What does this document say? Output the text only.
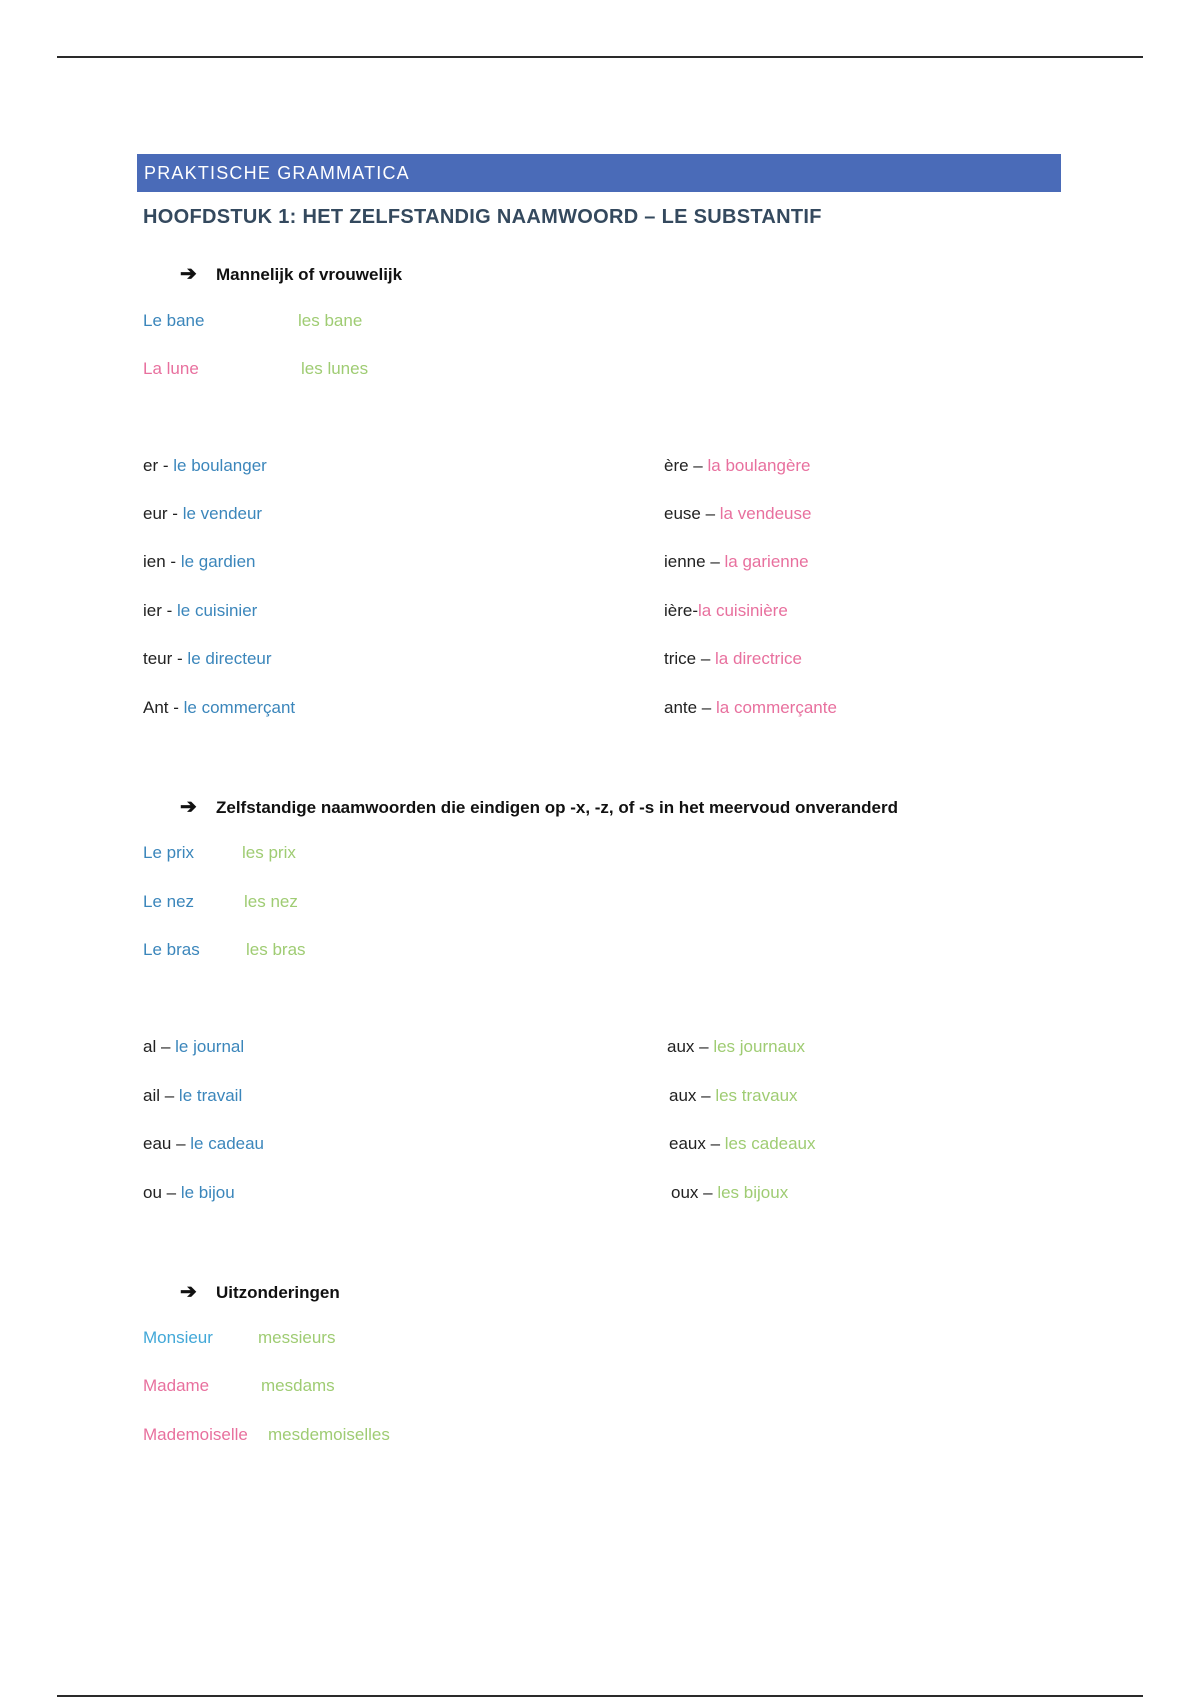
PRAKTISCHE GRAMMATICA
HOOFDSTUK 1: HET ZELFSTANDIG NAAMWOORD – LE SUBSTANTIF
➔ Mannelijk of vrouwelijk
Le bane	les bane
La lune	les lunes
er - le boulanger	ère – la boulangère
eur - le vendeur	euse – la vendeuse
ien - le gardien	ienne – la garienne
ier - le cuisinier	ière-la cuisinière
teur - le directeur	trice – la directrice
Ant - le commerçant	ante – la commerçante
➔ Zelfstandige naamwoorden die eindigen op -x, -z, of -s in het meervoud onveranderd
Le prix	les prix
Le nez	les nez
Le bras	les bras
al – le journal	aux – les journaux
ail – le travail	aux – les travaux
eau – le cadeau	eaux – les cadeaux
ou – le bijou	oux – les bijoux
➔ Uitzonderingen
Monsieur	messieurs
Madame	mesdams
Mademoiselle mesdemoiselles
